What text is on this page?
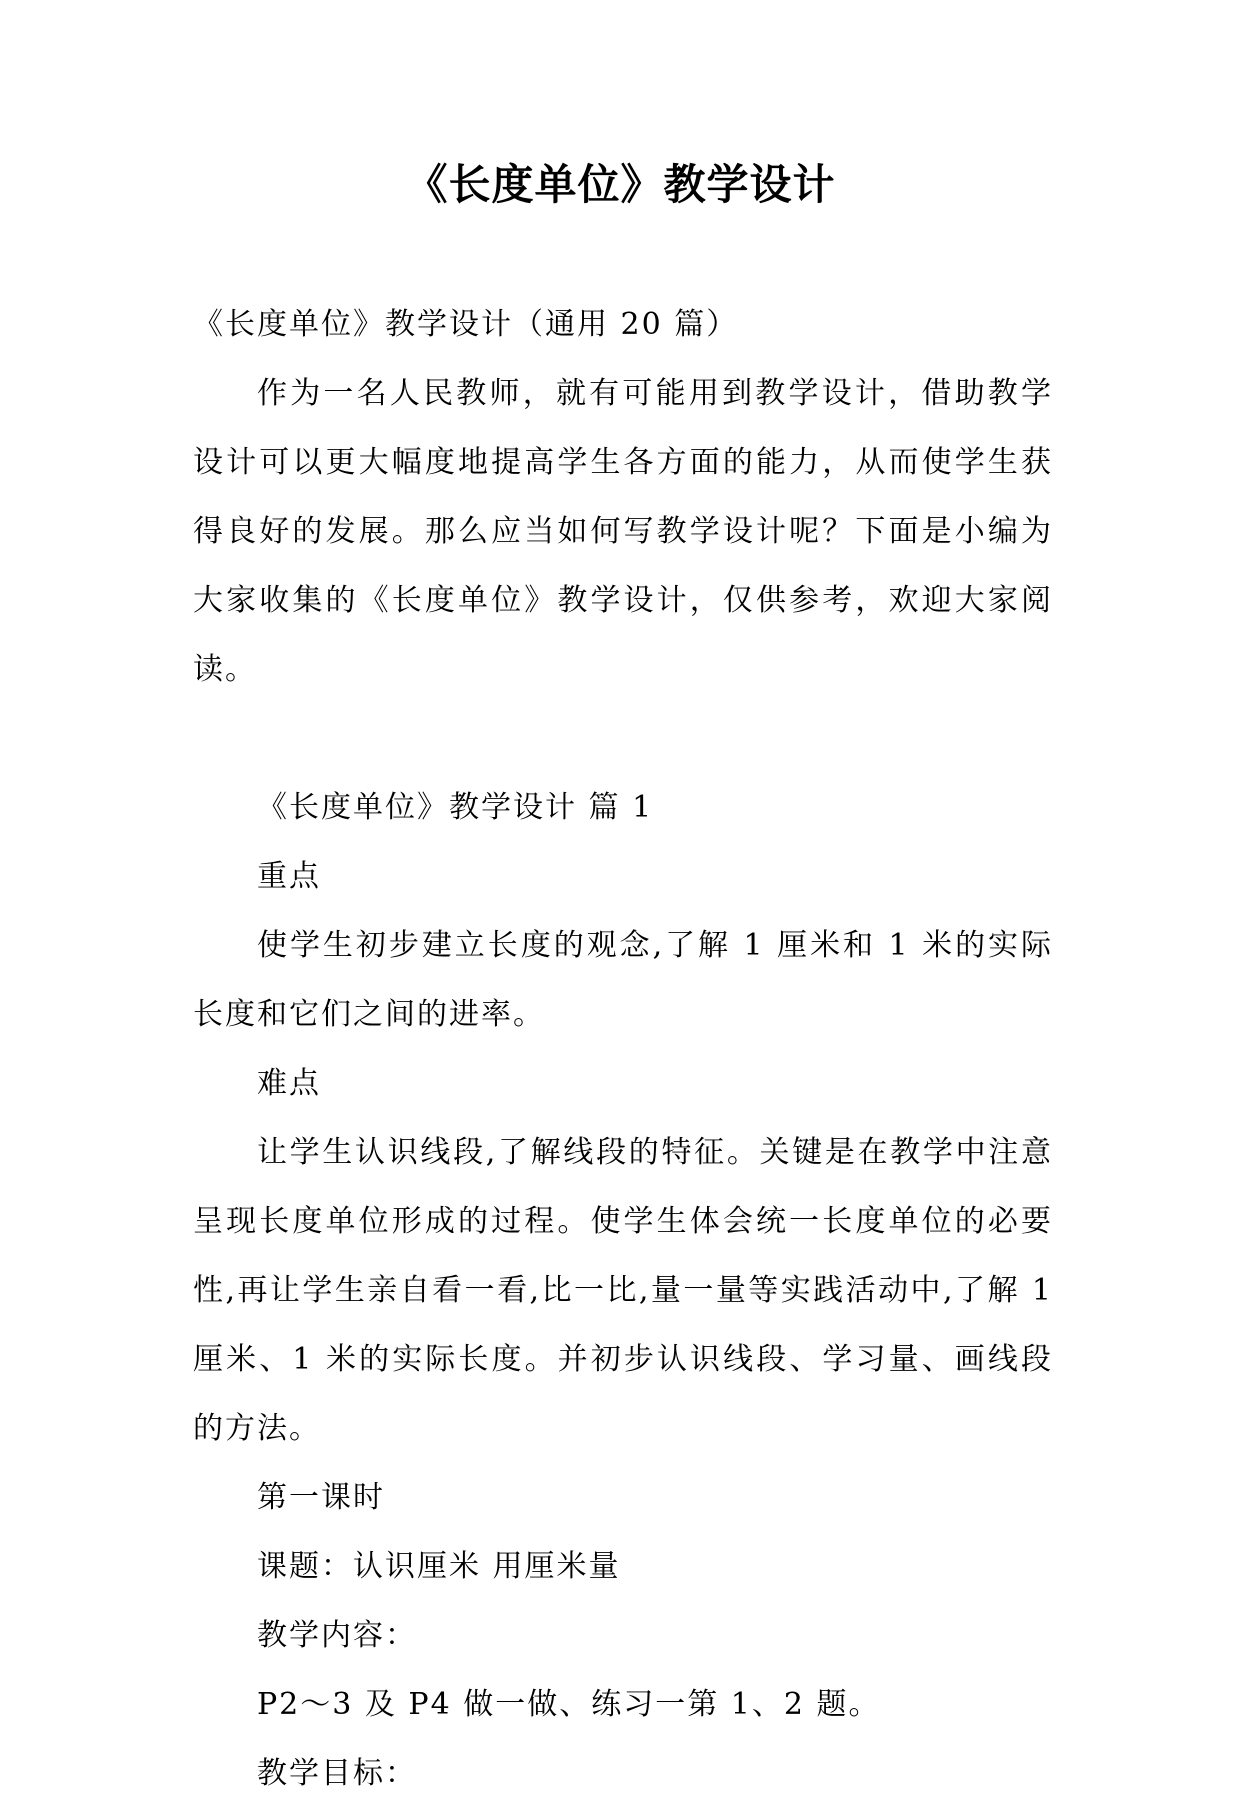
《长度单位》教学设计

《长度单位》教学设计（通用 20 篇）

作为一名人民教师，就有可能用到教学设计，借助教学设计可以更大幅度地提高学生各方面的能力，从而使学生获得良好的发展。那么应当如何写教学设计呢？下面是小编为大家收集的《长度单位》教学设计，仅供参考，欢迎大家阅读。

《长度单位》教学设计 篇 1

重点

使学生初步建立长度的观念,了解 1 厘米和 1 米的实际长度和它们之间的进率。

难点

让学生认识线段,了解线段的特征。关键是在教学中注意呈现长度单位形成的过程。使学生体会统一长度单位的必要性,再让学生亲自看一看,比一比,量一量等实践活动中,了解 1 厘米、1 米的实际长度。并初步认识线段、学习量、画线段的方法。

第一课时

课题：认识厘米 用厘米量

教学内容：

P2～3 及 P4 做一做、练习一第 1、2 题。

教学目标：
